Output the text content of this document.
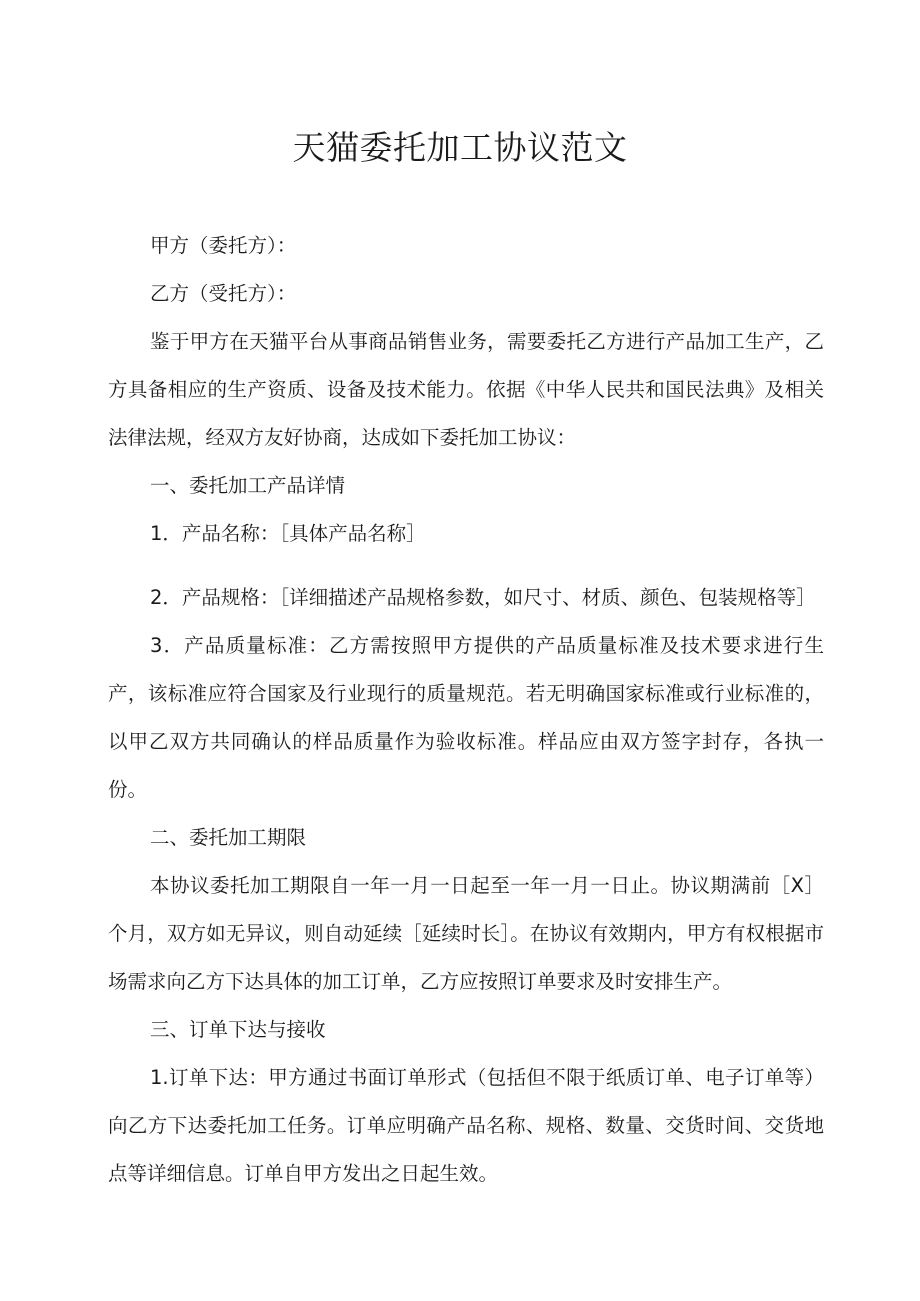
天猫委托加工协议范文

甲方（委托方）：

乙方（受托方）：

鉴于甲方在天猫平台从事商品销售业务，需要委托乙方进行产品加工生产，乙方具备相应的生产资质、设备及技术能力。依据《中华人民共和国民法典》及相关法律法规，经双方友好协商，达成如下委托加工协议：

一、委托加工产品详情

1．产品名称：［具体产品名称］

2．产品规格：［详细描述产品规格参数，如尺寸、材质、颜色、包装规格等］

3．产品质量标准：乙方需按照甲方提供的产品质量标准及技术要求进行生产，该标准应符合国家及行业现行的质量规范。若无明确国家标准或行业标准的，以甲乙双方共同确认的样品质量作为验收标准。样品应由双方签字封存，各执一份。

二、委托加工期限

本协议委托加工期限自一年一月一日起至一年一月一日止。协议期满前［X］个月，双方如无异议，则自动延续［延续时长］。在协议有效期内，甲方有权根据市场需求向乙方下达具体的加工订单，乙方应按照订单要求及时安排生产。

三、订单下达与接收

1.订单下达：甲方通过书面订单形式（包括但不限于纸质订单、电子订单等）向乙方下达委托加工任务。订单应明确产品名称、规格、数量、交货时间、交货地点等详细信息。订单自甲方发出之日起生效。
